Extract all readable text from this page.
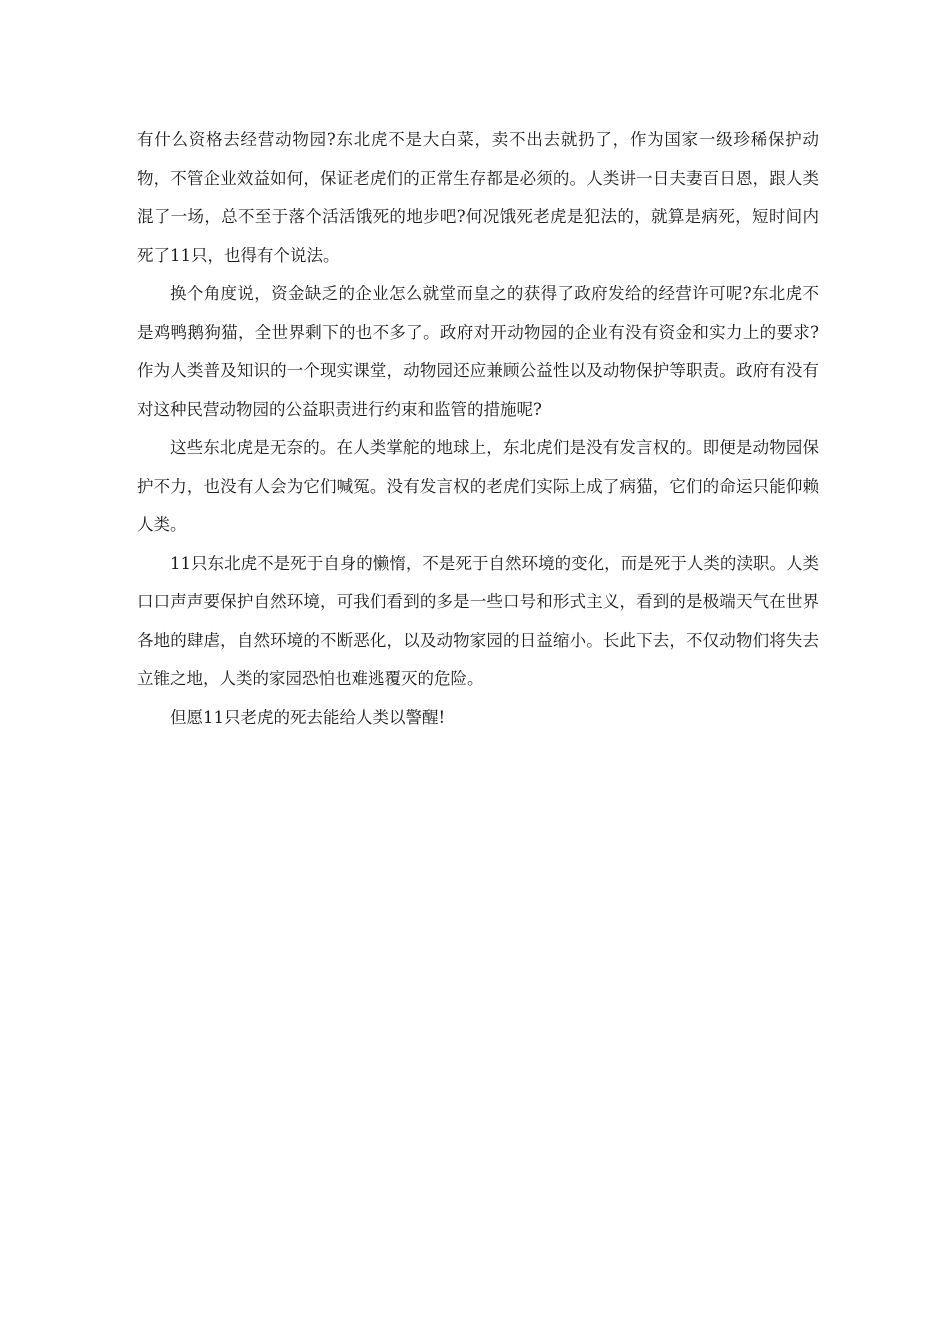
有什么资格去经营动物园?东北虎不是大白菜，卖不出去就扔了，作为国家一级珍稀保护动物，不管企业效益如何，保证老虎们的正常生存都是必须的。人类讲一日夫妻百日恩，跟人类混了一场，总不至于落个活活饿死的地步吧?何况饿死老虎是犯法的，就算是病死，短时间内死了11只，也得有个说法。

换个角度说，资金缺乏的企业怎么就堂而皇之的获得了政府发给的经营许可呢?东北虎不是鸡鸭鹅狗猫，全世界剩下的也不多了。政府对开动物园的企业有没有资金和实力上的要求?作为人类普及知识的一个现实课堂，动物园还应兼顾公益性以及动物保护等职责。政府有没有对这种民营动物园的公益职责进行约束和监管的措施呢?

这些东北虎是无奈的。在人类掌舵的地球上，东北虎们是没有发言权的。即便是动物园保护不力，也没有人会为它们喊冤。没有发言权的老虎们实际上成了病猫，它们的命运只能仰赖人类。

11只东北虎不是死于自身的懒惰，不是死于自然环境的变化，而是死于人类的渎职。人类口口声声要保护自然环境，可我们看到的多是一些口号和形式主义，看到的是极端天气在世界各地的肆虐，自然环境的不断恶化，以及动物家园的日益缩小。长此下去，不仅动物们将失去立锥之地，人类的家园恐怕也难逃覆灭的危险。

但愿11只老虎的死去能给人类以警醒!
